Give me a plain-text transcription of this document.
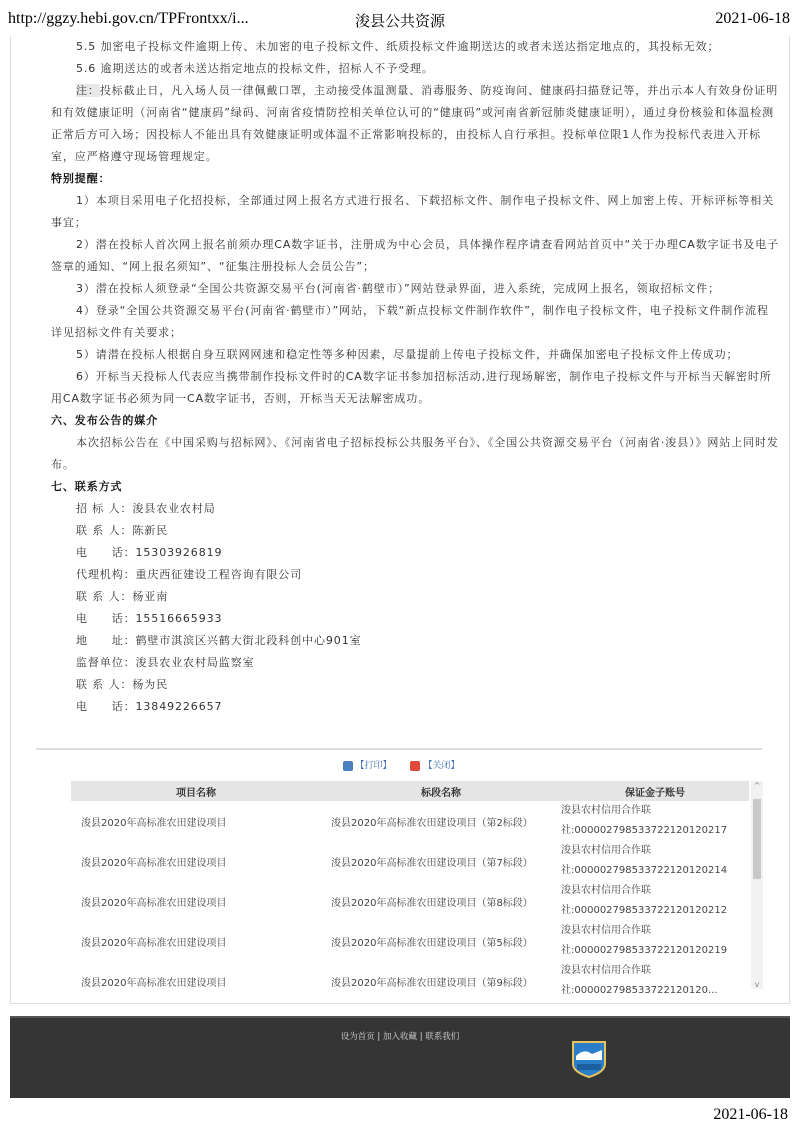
http://ggzy.hebi.gov.cn/TPFrontxx/i...	浚县公共资源	2021-06-18
5.5 加密电子投标文件逾期上传、未加密的电子投标文件、纸质投标文件逾期送达的或者未送达指定地点的，其投标无效；
5.6 逾期送达的或者未送达指定地点的投标文件，招标人不予受理。
注：投标截止日，凡入场人员一律佩戴口罩，主动接受体温测量、消毒服务、防疫询问、健康码扫描登记等，并出示本人有效身份证明和有效健康证明（河南省“健康码”绿码、河南省疫情防控相关单位认可的“健康码”或河南省新冠肺炎健康证明），通过身份核验和体温检测正常后方可入场；因投标人不能出具有效健康证明或体温不正常影响投标的，由投标人自行承担。投标单位限1人作为投标代表进入开标室，应严格遵守现场管理规定。
特别提醒：
1）本项目采用电子化招投标，全部通过网上报名方式进行报名、下载招标文件、制作电子投标文件、网上加密上传、开标评标等相关事宜；
2）潜在投标人首次网上报名前须办理CA数字证书，注册成为中心会员，具体操作程序请查看网站首页中“关于办理CA数字证书及电子签章的通知、“网上报名须知”、“征集注册投标人会员公告”；
3）潜在投标人须登录“全国公共资源交易平台(河南省·鹤壁市）”网站登录界面，进入系统，完成网上报名，领取招标文件；
4）登录“全国公共资源交易平台(河南省·鹤壁市）”网站，下载“新点投标文件制作软件”，制作电子投标文件，电子投标文件制作流程详见招标文件有关要求；
5）请潜在投标人根据自身互联网网速和稳定性等多种因素，尽量提前上传电子投标文件，并确保加密电子投标文件上传成功；
6）开标当天投标人代表应当携带制作投标文件时的CA数字证书参加招标活动,进行现场解密，制作电子投标文件与开标当天解密时所用CA数字证书必须为同一CA数字证书，否则，开标当天无法解密成功。
六、发布公告的媒介
本次招标公告在《中国采购与招标网》、《河南省电子招标投标公共服务平台》、《全国公共资源交易平台（河南省·浚县）》网站上同时发布。
七、联系方式
招 标 人：浚县农业农村局
联 系 人：陈新民
电　　话：15303926819
代理机构：重庆西征建设工程咨询有限公司
联 系 人：杨亚南
电　　话：15516665933
地　　址：鹤壁市淇滨区兴鹤大街北段科创中心901室
监督单位：浚县农业农村局监察室
联 系 人：杨为民
电　　话：13849226657
【打印】	【关闭】
项目名称	标段名称	保证金子账号
浚县2020年高标准农田建设项目	浚县2020年高标准农田建设项目（第2标段）	浚县农村信用合作联
社:000002798533722120120217

浚县2020年高标准农田建设项目	浚县2020年高标准农田建设项目（第7标段）	浚县农村信用合作联
社:000002798533722120120214

浚县2020年高标准农田建设项目	浚县2020年高标准农田建设项目（第8标段）	浚县农村信用合作联
社:000002798533722120120212

浚县2020年高标准农田建设项目	浚县2020年高标准农田建设项目（第5标段）	浚县农村信用合作联
社:000002798533722120120219

浚县2020年高标准农田建设项目	浚县2020年高标准农田建设项目（第9标段）	浚县农村信用合作联
社:000002798533722120120...
^
v
设为首页 | 加入收藏 | 联系我们
2021-06-18
